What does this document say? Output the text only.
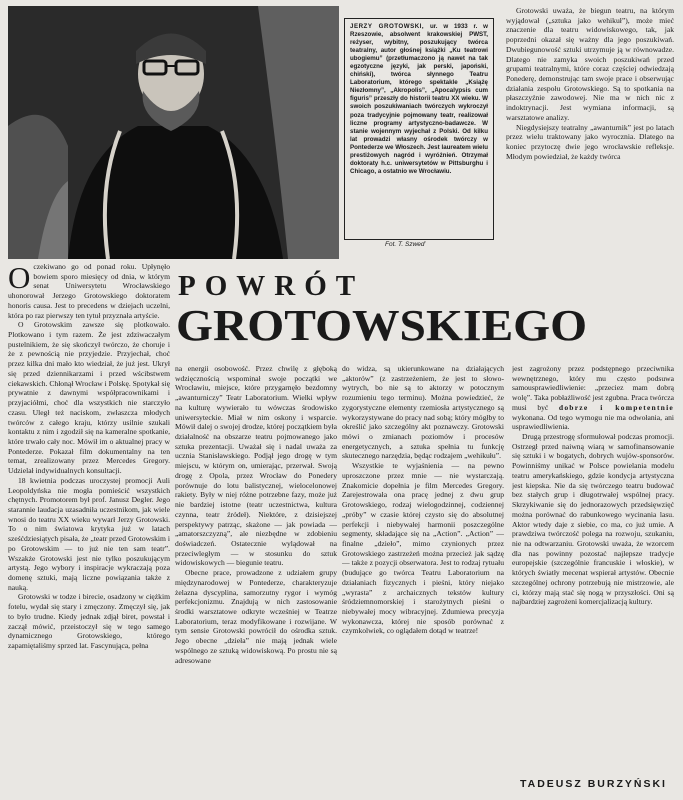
JERZY GROTOWSKI, ur. w 1933 r. w Rzeszowie, absolwent krakowskiej PWST, reżyser, wybitny, poszukujący twórca teatralny, autor głośnej książki „Ku teatrowi ubogiemu” (przetłumaczono ją nawet na tak egzotyczne języki, jak perski, japoński, chiński), twórca słynnego Teatru Laboratorium, którego spektakle „Książę Niezłomny”, „Akropolis”, „Apocalypsis cum figuris” przeszły do historii teatru XX wieku. W swoich poszukiwaniach twórczych wykroczył poza tradycyjnie pojmowany teatr, realizował liczne programy artystyczno-badawcze. W stanie wojennym wyjechał z Polski. Od kilku lat prowadzi własny ośrodek twórczy w Pontederze we Włoszech. Jest laureatem wielu prestiżowych nagród i wyróżnień. Otrzymał doktoraty h.c. uniwersytetów w Pittsburghu i Chicago, a ostatnio we Wrocławiu.
Fot. T. Szweď

Grotowski uważa, że biegun teatru, na którym wyjądował („sztuka jako wehikuł”), może mieć znaczenie dla teatru widowiskowego, tak, jak poprzedni okazał się ważny dla jego poszukiwań. Dwubiegunowość sztuki utrzymuje ją w równowadze. Dlatego nie zamyka swoich poszukiwań przed grupami teatralnymi, które coraz częściej odwiedzają Ponederę, demonstrując tam swoje prace i obserwując działania zespołu Grotowskiego. Są to spotkania na płaszczyźnie zawodowej. Nie ma w nich nic z indoktrynacji. Jest wymiana informacji, są warsztatowe analizy.

Niegdysiejszy teatralny „awanturnik” jest po latach przez wielu traktowany jako wyrocznia. Dlatego na koniec przytoczę dwie jego wrocławskie refleksje. Młodym powiedział, że każdy twórca

POWRÓT
GROTOWSKIEGO

O czekiwano go od ponad roku. Upłynęło bowiem sporo miesięcy od dnia, w którym senat Uniwersytetu Wrocławskiego uhonorował Jerzego Grotowskiego doktoratem honoris causa. Jest to precedens w dziejach uczelni, która po raz pierwszy ten tytuł przyznała artyście.

O Grotowskim zawsze się plotkowało. Plotkowano i tym razem. Że jest zdziwaczałym pustelnikiem, że się skończył twórczo, że choruje i że z pewnością nie przyjedzie. Przyjechał, choć przez kilka dni mało kto wiedział, że już jest. Ukrył się przed dziennikarzami i przed wścibstwem ciekawskich. Chłonął Wrocław i Polskę. Spotykał się prywatnie z dawnymi współpracownikami i przyjaciółmi, choć dla wszystkich nie starczyło czasu. Uległ też naciskom, zwłaszcza młodych twórców z całego kraju, którzy usilnie szukali kontaktu z nim i zgodził się na kameralne spotkanie, które trwało cały noc. Mówił im o aktualnej pracy w Pontederze. Pokazał film dokumentalny na ten temat, zrealizowany przez Mercedes Gregory. Udzielał indywidualnych konsultacji.

18 kwietnia podczas uroczystej promocji Auli Leopoldyńska nie mogła pomieścić wszystkich chętnych. Promotorem był prof. Janusz Degler. Jego starannie laudacja uzasadniła uczestnikom, jak wiele wnosi do teatru XX wieku wywarł Jerzy Grotowski. To o nim światowa krytyka już w latach sześćdziesiątych pisała, że „teatr przed Grotowskim i po Grotowskim — to już nie ten sam teatr”. Wszakże Grotowski jest nie tylko poszukującym artystą. Jego wybory i inspiracje wykraczają poza domenę sztuki, mają liczne powiązania także z nauką.

Grotowski w todze i birecie, osadzony w ciężkim fotelu, wydał się stary i zmęczony. Zmęczył się, jak to było trudne. Kiedy jednak zdjął biret, powstał i zaczął mówić, przeistoczył się w tego samego dynamicznego Grotowskiego, którego zapamiętaliśmy sprzed lat. Fascynująca, pełna

na energii osobowość. Przez chwilę z głęboką wdzięcznością wspominał swoje początki we Wrocławiu, miejsce, które przygarnęło bezdomny „awanturniczy” Teatr Laboratorium. Wielki wpływ na kulturę wywierało tu wówczas środowisko uniwersyteckie. Miał w nim oskony i wsparcie. Mówił dalej o swojej drodze, której początkiem była działalność na obszarze teatru pojmowanego jako sztuka prezentacji. Uważał się i nadal uważa za ucznia Stanisławskiego. Podjął jego drogę w tym miejscu, w którym on, umierając, przerwał. Swoją drogę z Opola, przez Wrocław do Ponedery porównuje do lotu balistycznej, wielocelonowej rakiety. Były w niej różne potrzebne fazy, może już nie bardziej istotne (teatr uczestnictwa, kultura czynna, teatr źródeł). Niektóre, z dzisiejszej perspektywy patrząc, skażone — jak powiada — „amatorszczyzną”, ale niezbędne w zdobieniu doświadczeń. Ostatecznie wylądował na przeciwległym — w stosunku do sztuk widowiskowych — biegunie teatru.

Obecne prace, prowadzone z udziałem grupy międzynarodowej w Pontederze, charakteryzuje żelazna dyscyplina, samorzutny rygor i wymóg perfekcjonizmu. Znajdują w nich zastosowanie środki warsztatowe odkryte wcześniej w Teatrze Laboratorium, teraz modyfikowane i rozwijane. W tym sensie Grotowski powrócił do ośrodka sztuk. Jego obecne „dzieła” nie mają jednak wiele wspólnego ze sztuką widowiskową. Po prostu nie są adresowane

do widza, są ukierunkowane na działających „aktorów” (z zastrzeżeniem, że jest to słowo-wytrych, bo nie są to aktorzy w potocznym rozumieniu tego terminu). Można powiedzieć, że zygorystyczne elementy rzemiosła artystycznego są wykorzystywane do pracy nad sobą; który mógłby to określić jako szczególny akt poznawczy. Grotowski mówi o zmianach poziomów i procesów energetycznych, a sztuka spełnia tu funkcję skutecznego narzędzia, będąc rodzajem „wehikułu”.

Wszystkie te wyjaśnienia — na pewno uproszczone przez mnie — nie wystarczają. Znakomicie dopełnia je film Mercedes Gregory. Zarejestrowała ona pracę jednej z dwu grup Grotowskiego, rodzaj wielogodzinnej, codziennej „próby” w czasie której czysto się do absolutnej perfekcji i niebywałej harmonii poszczególne segmenty, składające się na „Action”. „Action” — finalne „dzieło”, mimo czynionych przez Grotowskiego zastrzeżeń można przecież jak sądzę — także z pozycji obserwatora. Jest to rodzaj rytuału (budujące go twórca Teatru Laboratorium na działaniach fizycznych i pieśni, który niejako „wyrasta” z archaicznych tekstów kultury śródziemnomorskiej i starożytnych pieśni o niebywałej mocy wibracyjnej. Zdumiewa precyzja wykonawcza, której nie sposób porównać z czymkolwiek, co oglądałem dotąd w teatrze!

jest zagrożony przez podstępnego przeciwnika wewnętrznego, który mu często podsuwa samousprawiedliwienie: „przeciez mam dobrą wolę”. Taka pobłażliwość jest zgubna. Praca twórcza musi być dobrze i kompetentnie wykonana. Od tego wymogu nie ma odwołania, ani usprawiedliwienia.

Drugą przestrogę sformułował podczas promocji. Ostrzegł przed naiwną wiarą w samofinansowanie się sztuki i w bogatych, dobrych wujów-sponsorów. Powinniśmy unikać w Polsce powielania modelu teatru amerykańskiego, gdzie kondycja artystyczna jest kiepska. Nie da się twórczego teatru budować bez stałych grup i długotrwałej wspólnej pracy. Skrzykiwanie się do jednorazowych przedsięwzięć można porównać do rabunkowego wycinania lasu. Aktor wtedy daje z siebie, co ma, co już umie. A prawdziwa twórczość polega na rozwoju, szukaniu, nie na odtwarzaniu. Grotowski uważa, że wzorcem dla nas powinny pozostać najlepsze tradycje europejskie (szczególnie francuskie i włoskie), w których światły mecenat wspierał artystów. Obecnie szczególnej ochrony potrzebują nie mistrzowie, ale ci, którzy mają stać się nogą w przyszłości. Oni są najbardziej zagrożeni komercjalizacją kultury.

TADEUSZ BURZYŃSKI
